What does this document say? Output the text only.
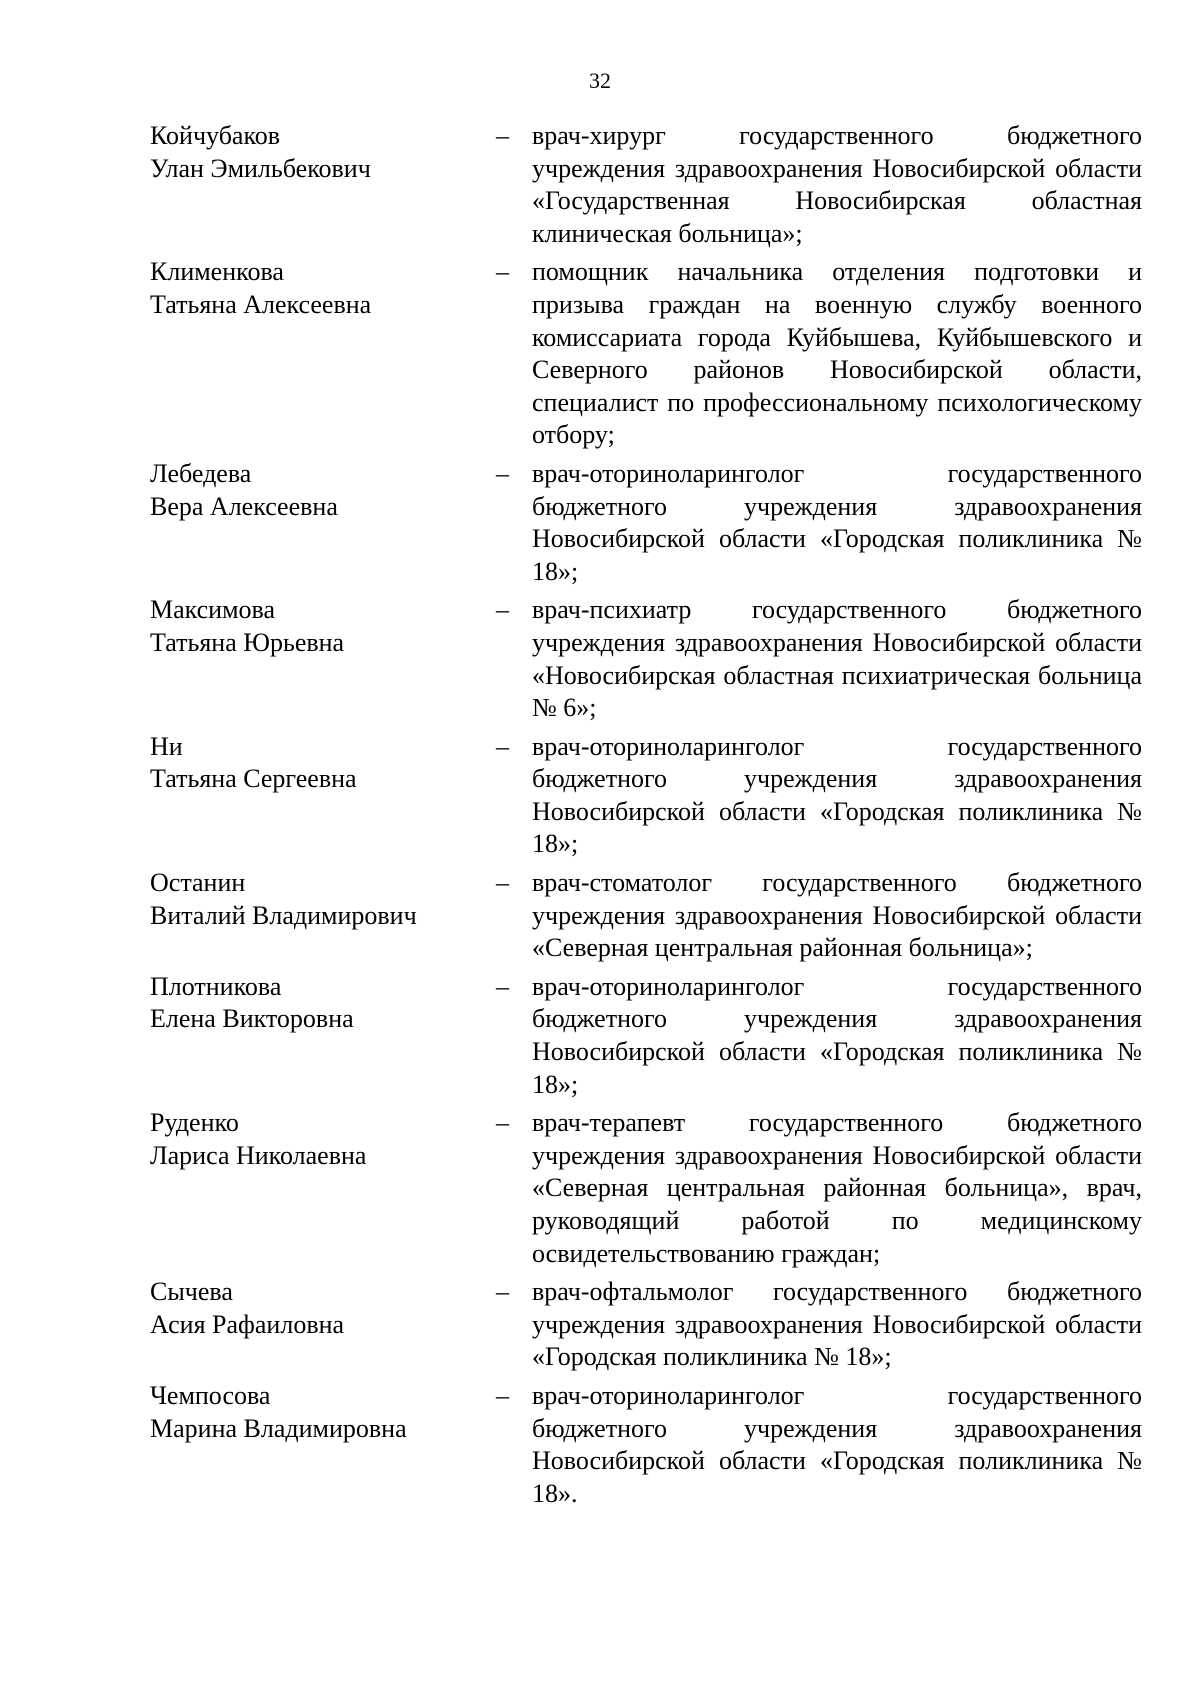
32
Койчубаков
Улан Эмильбекович
– врач-хирург государственного бюджетного учреждения здравоохранения Новосибирской области «Государственная Новосибирская областная клиническая больница»;
Клименкова
Татьяна Алексеевна
– помощник начальника отделения подготовки и призыва граждан на военную службу военного комиссариата города Куйбышева, Куйбышевского и Северного районов Новосибирской области, специалист по профессиональному психологическому отбору;
Лебедева
Вера Алексеевна
– врач-оториноларинголог государственного бюджетного учреждения здравоохранения Новосибирской области «Городская поликлиника № 18»;
Максимова
Татьяна Юрьевна
– врач-психиатр государственного бюджетного учреждения здравоохранения Новосибирской области «Новосибирская областная психиатрическая больница № 6»;
Ни
Татьяна Сергеевна
– врач-оториноларинголог государственного бюджетного учреждения здравоохранения Новосибирской области «Городская поликлиника № 18»;
Останин
Виталий Владимирович
– врач-стоматолог государственного бюджетного учреждения здравоохранения Новосибирской области «Северная центральная районная больница»;
Плотникова
Елена Викторовна
– врач-оториноларинголог государственного бюджетного учреждения здравоохранения Новосибирской области «Городская поликлиника № 18»;
Руденко
Лариса Николаевна
– врач-терапевт государственного бюджетного учреждения здравоохранения Новосибирской области «Северная центральная районная больница», врач, руководящий работой по медицинскому освидетельствованию граждан;
Сычева
Асия Рафаиловна
– врач-офтальмолог государственного бюджетного учреждения здравоохранения Новосибирской области «Городская поликлиника № 18»;
Чемпосова
Марина Владимировна
– врач-оториноларинголог государственного бюджетного учреждения здравоохранения Новосибирской области «Городская поликлиника № 18».
